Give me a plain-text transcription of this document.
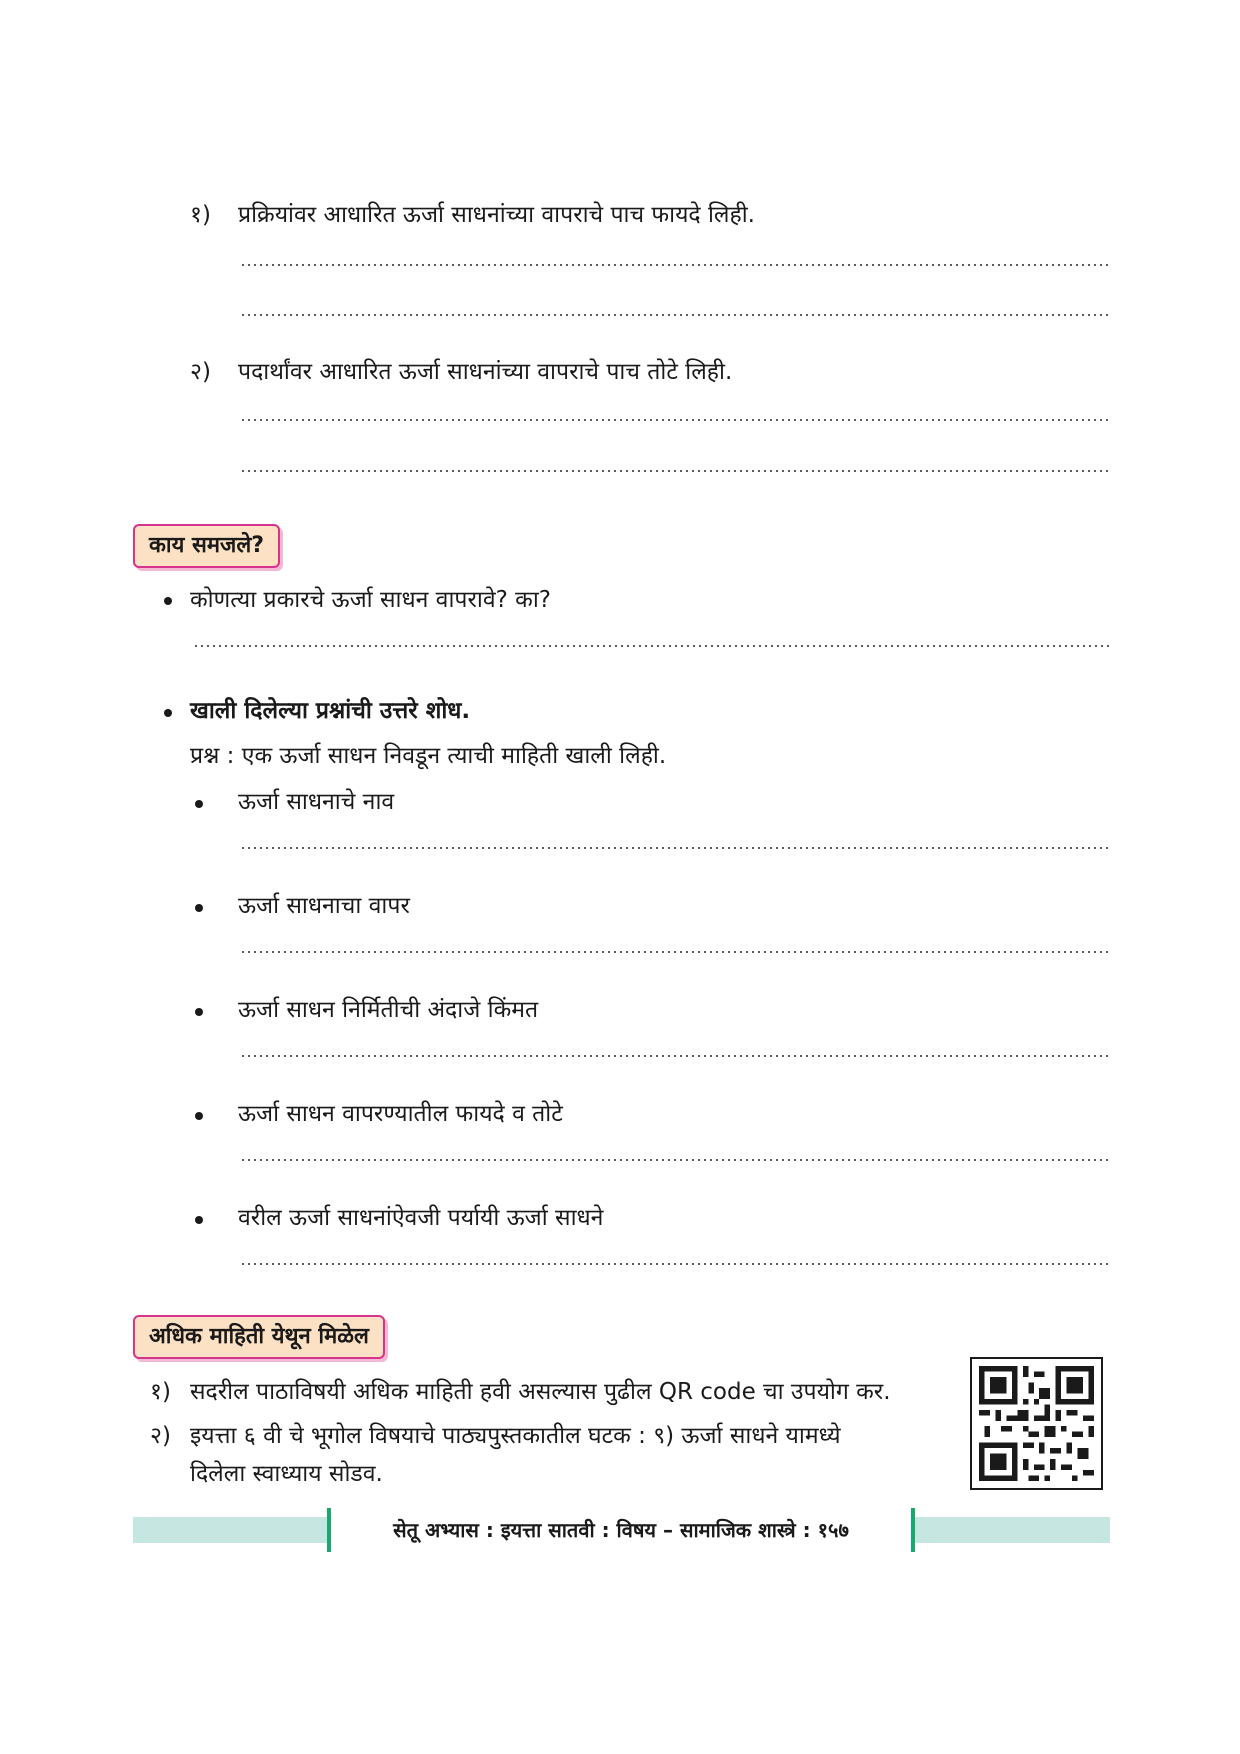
१)	प्रक्रियांवर आधारित ऊर्जा साधनांच्या वापराचे पाच फायदे लिही.
२)	पदार्थांवर आधारित ऊर्जा साधनांच्या वापराचे पाच तोटे लिही.
काय समजले?
कोणत्या प्रकारचे ऊर्जा साधन वापरावे? का?
खाली दिलेल्या प्रश्नांची उत्तरे शोध.
प्रश्न : एक ऊर्जा साधन निवडून त्याची माहिती खाली लिही.
ऊर्जा साधनाचे नाव
ऊर्जा साधनाचा वापर
ऊर्जा साधन निर्मितीची अंदाजे किंमत
ऊर्जा साधन वापरण्यातील फायदे व तोटे
वरील ऊर्जा साधनांऐवजी पर्यायी ऊर्जा साधने
अधिक माहिती येथून मिळेल
१) सदरील पाठाविषयी अधिक माहिती हवी असल्यास पुढील QR code चा उपयोग कर.
२) इयत्ता ६ वी चे भूगोल विषयाचे पाठ्यपुस्तकातील घटक : ९) ऊर्जा साधने यामध्ये
दिलेला स्वाध्याय सोडव.
सेतू अभ्यास : इयत्ता सातवी : विषय – सामाजिक शास्त्रे : १५७
